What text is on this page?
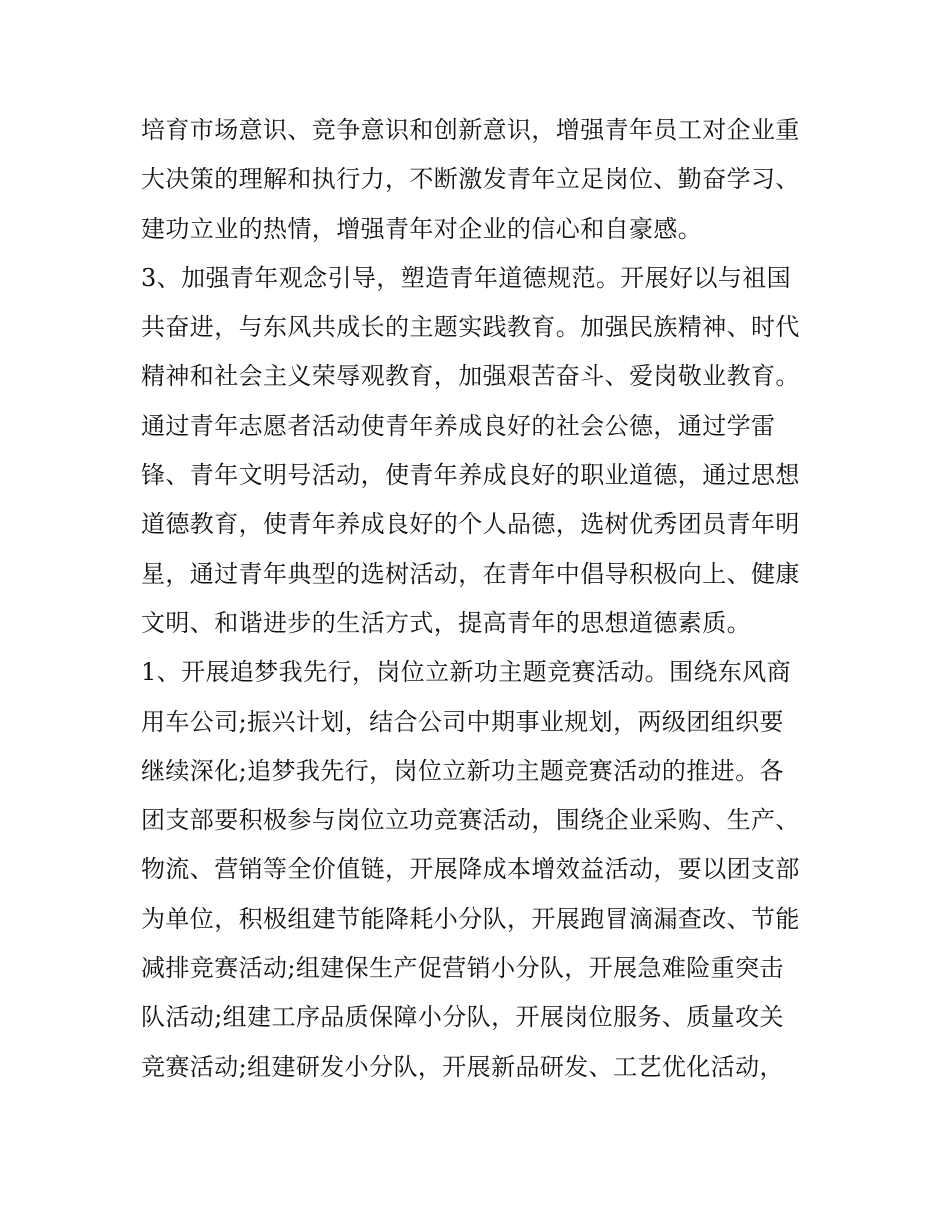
培育市场意识、竞争意识和创新意识，增强青年员工对企业重
大决策的理解和执行力，不断激发青年立足岗位、勤奋学习、
建功立业的热情，增强青年对企业的信心和自豪感。
3、加强青年观念引导，塑造青年道德规范。开展好以与祖国
共奋进，与东风共成长的主题实践教育。加强民族精神、时代
精神和社会主义荣辱观教育，加强艰苦奋斗、爱岗敬业教育。
通过青年志愿者活动使青年养成良好的社会公德，通过学雷
锋、青年文明号活动，使青年养成良好的职业道德，通过思想
道德教育，使青年养成良好的个人品德，选树优秀团员青年明
星，通过青年典型的选树活动，在青年中倡导积极向上、健康
文明、和谐进步的生活方式，提高青年的思想道德素质。
1、开展追梦我先行，岗位立新功主题竞赛活动。围绕东风商
用车公司;振兴计划，结合公司中期事业规划，两级团组织要
继续深化;追梦我先行，岗位立新功主题竞赛活动的推进。各
团支部要积极参与岗位立功竞赛活动，围绕企业采购、生产、
物流、营销等全价值链，开展降成本增效益活动，要以团支部
为单位，积极组建节能降耗小分队，开展跑冒滴漏查改、节能
减排竞赛活动;组建保生产促营销小分队，开展急难险重突击
队活动;组建工序品质保障小分队，开展岗位服务、质量攻关
竞赛活动;组建研发小分队，开展新品研发、工艺优化活动，
